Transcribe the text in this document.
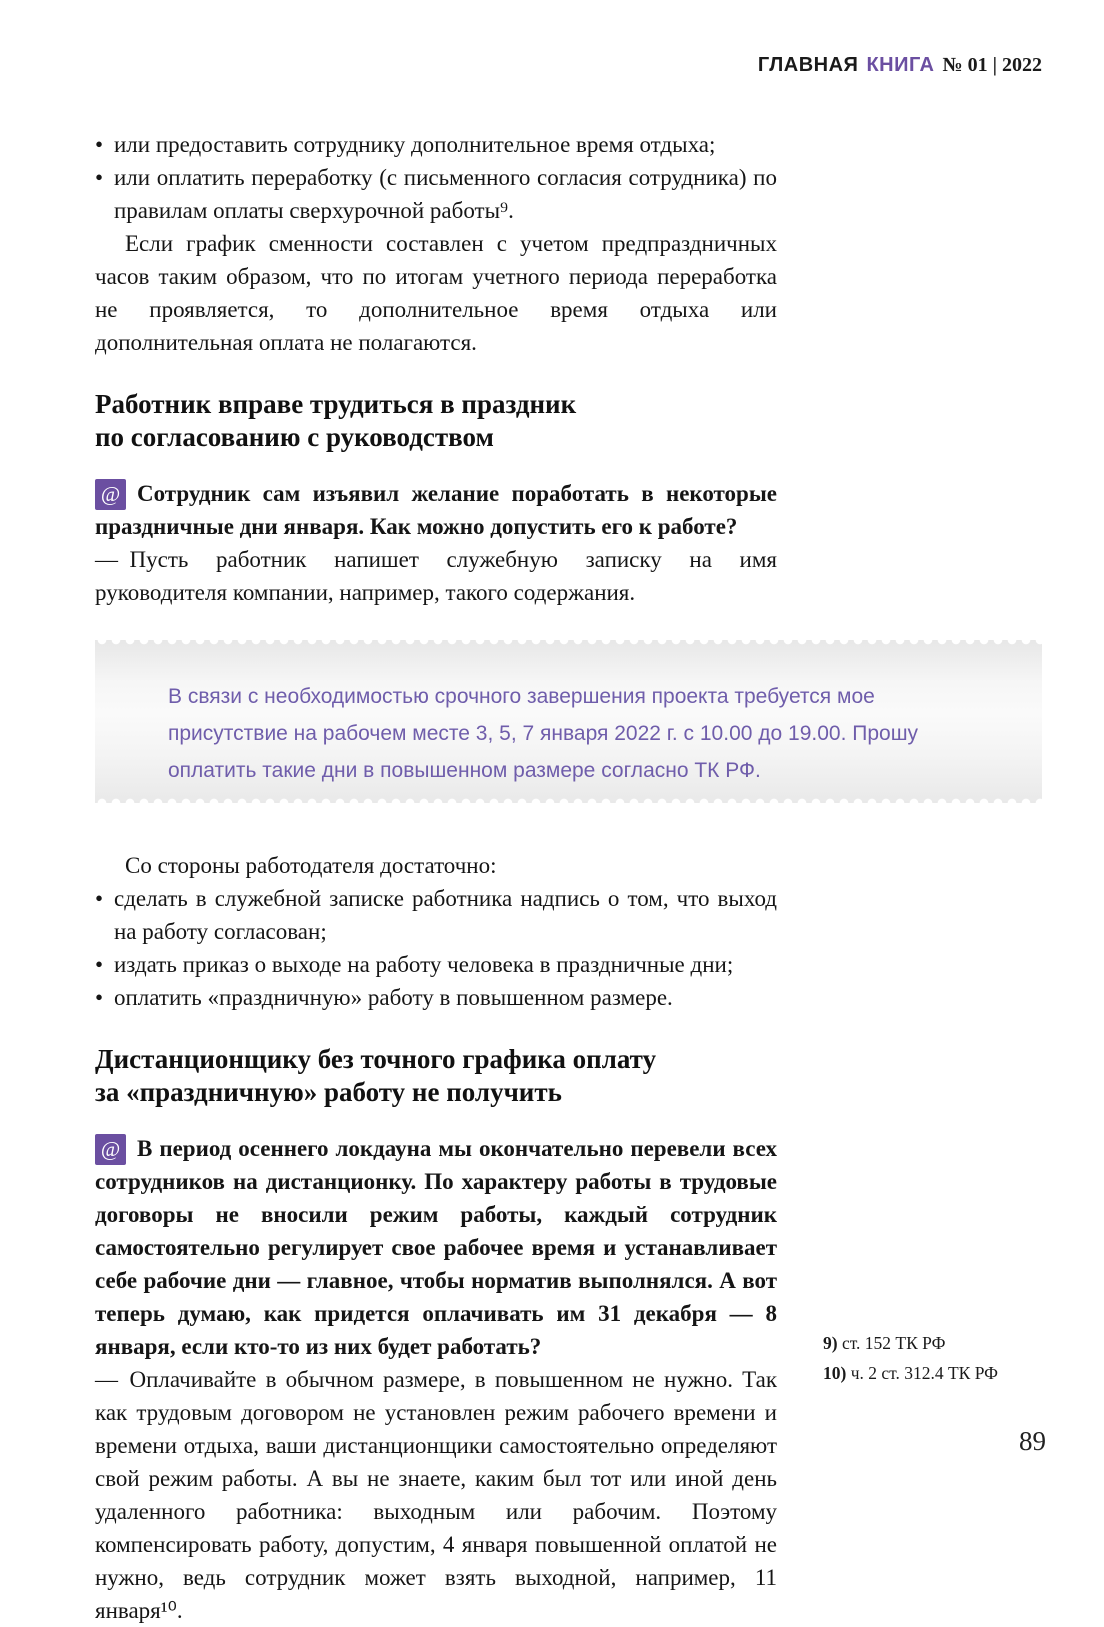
ГЛАВНАЯ КНИГА № 01 | 2022
• или предоставить сотруднику дополнительное время отдыха;
• или оплатить переработку (с письменного согласия сотрудника) по правилам оплаты сверхурочной работы⁹.

Если график сменности составлен с учетом предпраздничных часов таким образом, что по итогам учетного периода переработка не проявляется, то дополнительное время отдыха или дополнительная оплата не полагаются.

Работник вправе трудиться в праздник
по согласованию с руководством

@ Сотрудник сам изъявил желание поработать в некоторые праздничные дни января. Как можно допустить его к работе?

— Пусть работник напишет служебную записку на имя руководителя компании, например, такого содержания.

В связи с необходимостью срочного завершения проекта требуется мое присутствие на рабочем месте 3, 5, 7 января 2022 г. с 10.00 до 19.00. Прошу оплатить такие дни в повышенном размере согласно ТК РФ.

Со стороны работодателя достаточно:

• сделать в служебной записке работника надпись о том, что выход на работу согласован;
• издать приказ о выходе на работу человека в праздничные дни;
• оплатить «праздничную» работу в повышенном размере.
Дистанционщику без точного графика оплату
за «праздничную» работу не получить

@ В период осеннего локдауна мы окончательно перевели всех сотрудников на дистанционку. По характеру работы в трудовые договоры не вносили режим работы, каждый сотрудник самостоятельно регулирует свое рабочее время и устанавливает себе рабочие дни — главное, чтобы норматив выполнялся. А вот теперь думаю, как придется оплачивать им 31 декабря — 8 января, если кто-то из них будет работать?

— Оплачивайте в обычном размере, в повышенном не нужно. Так как трудовым договором не установлен режим рабочего времени и времени отдыха, ваши дистанционщики самостоятельно определяют свой режим работы. А вы не знаете, каким был тот или иной день удаленного работника: выходным или рабочим. Поэтому компенсировать работу, допустим, 4 января повышенной оплатой не нужно, ведь сотрудник может взять выходной, например, 11 января¹⁰.

9) ст. 152 ТК РФ
10) ч. 2 ст. 312.4 ТК РФ
89
